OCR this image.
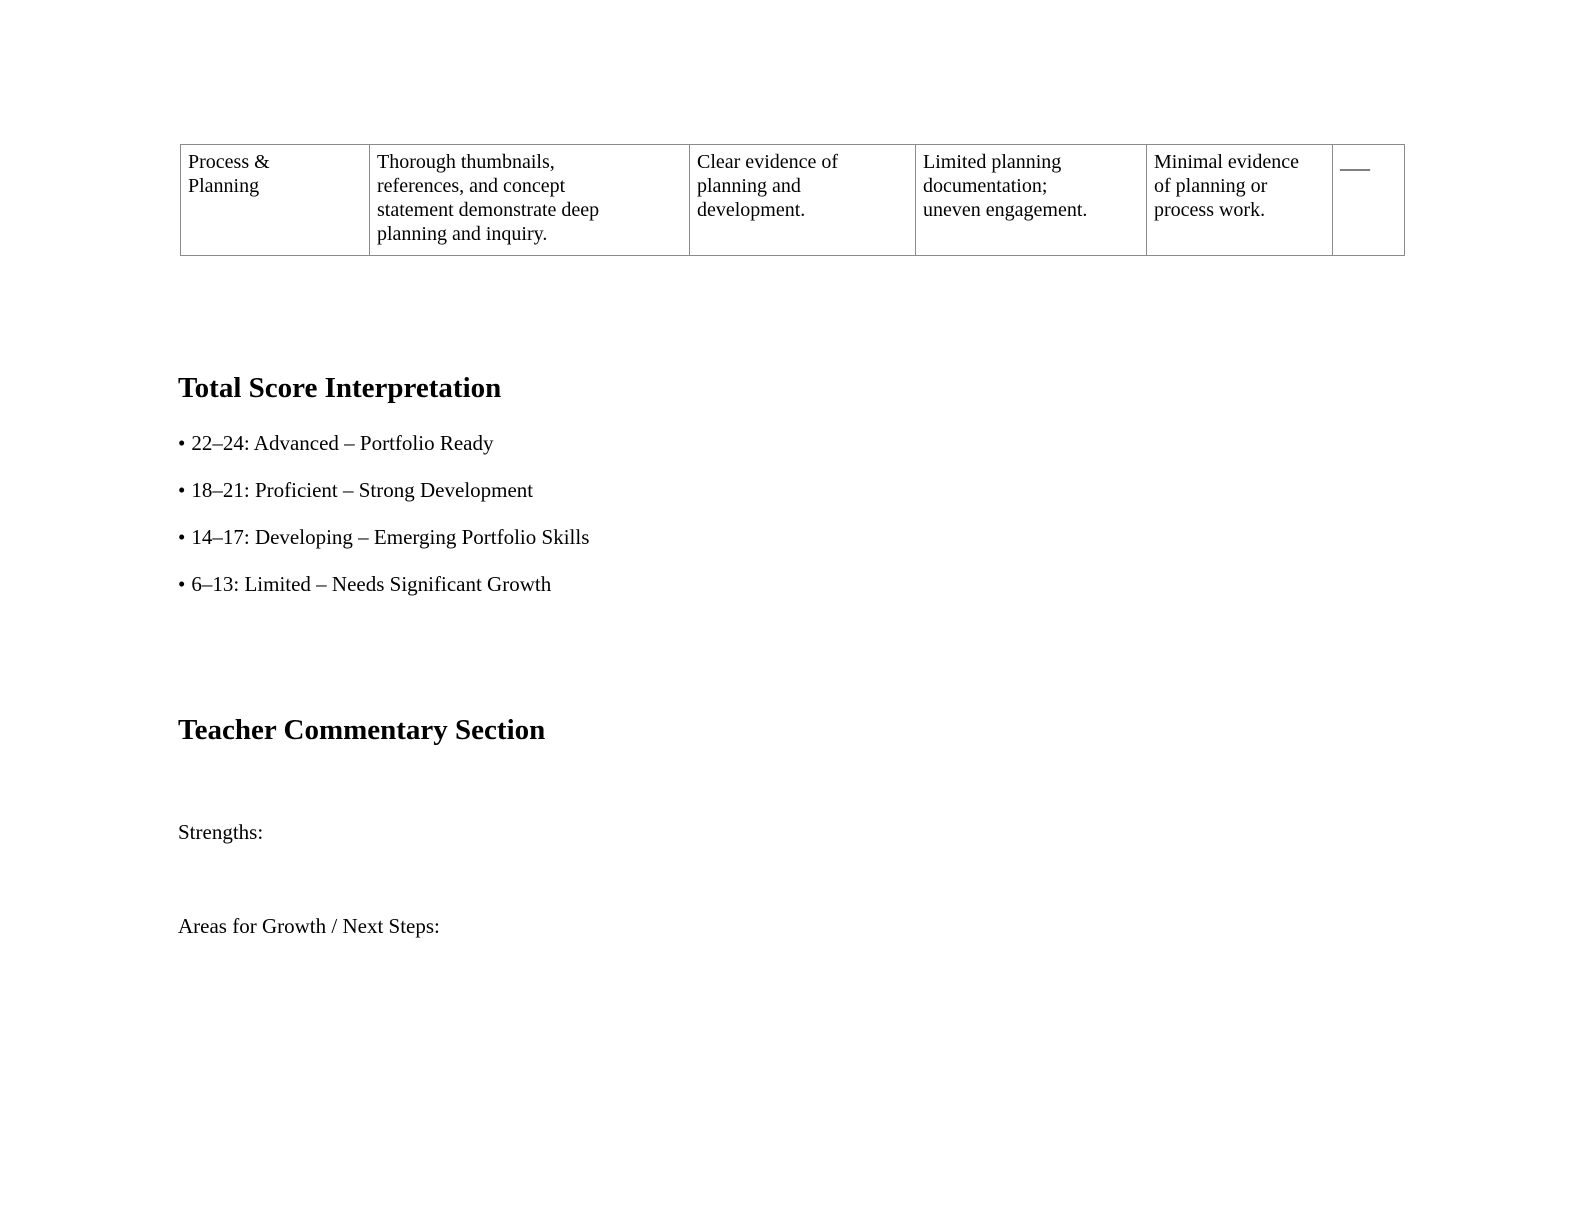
Process & Planning	Thorough thumbnails, references, and concept statement demonstrate deep planning and inquiry.	Clear evidence of planning and development.	Limited planning documentation; uneven engagement.	Minimal evidence of planning or process work.	___
Total Score Interpretation
• 22–24: Advanced – Portfolio Ready
• 18–21: Proficient – Strong Development
• 14–17: Developing – Emerging Portfolio Skills
• 6–13: Limited – Needs Significant Growth
Teacher Commentary Section
Strengths:
Areas for Growth / Next Steps:
